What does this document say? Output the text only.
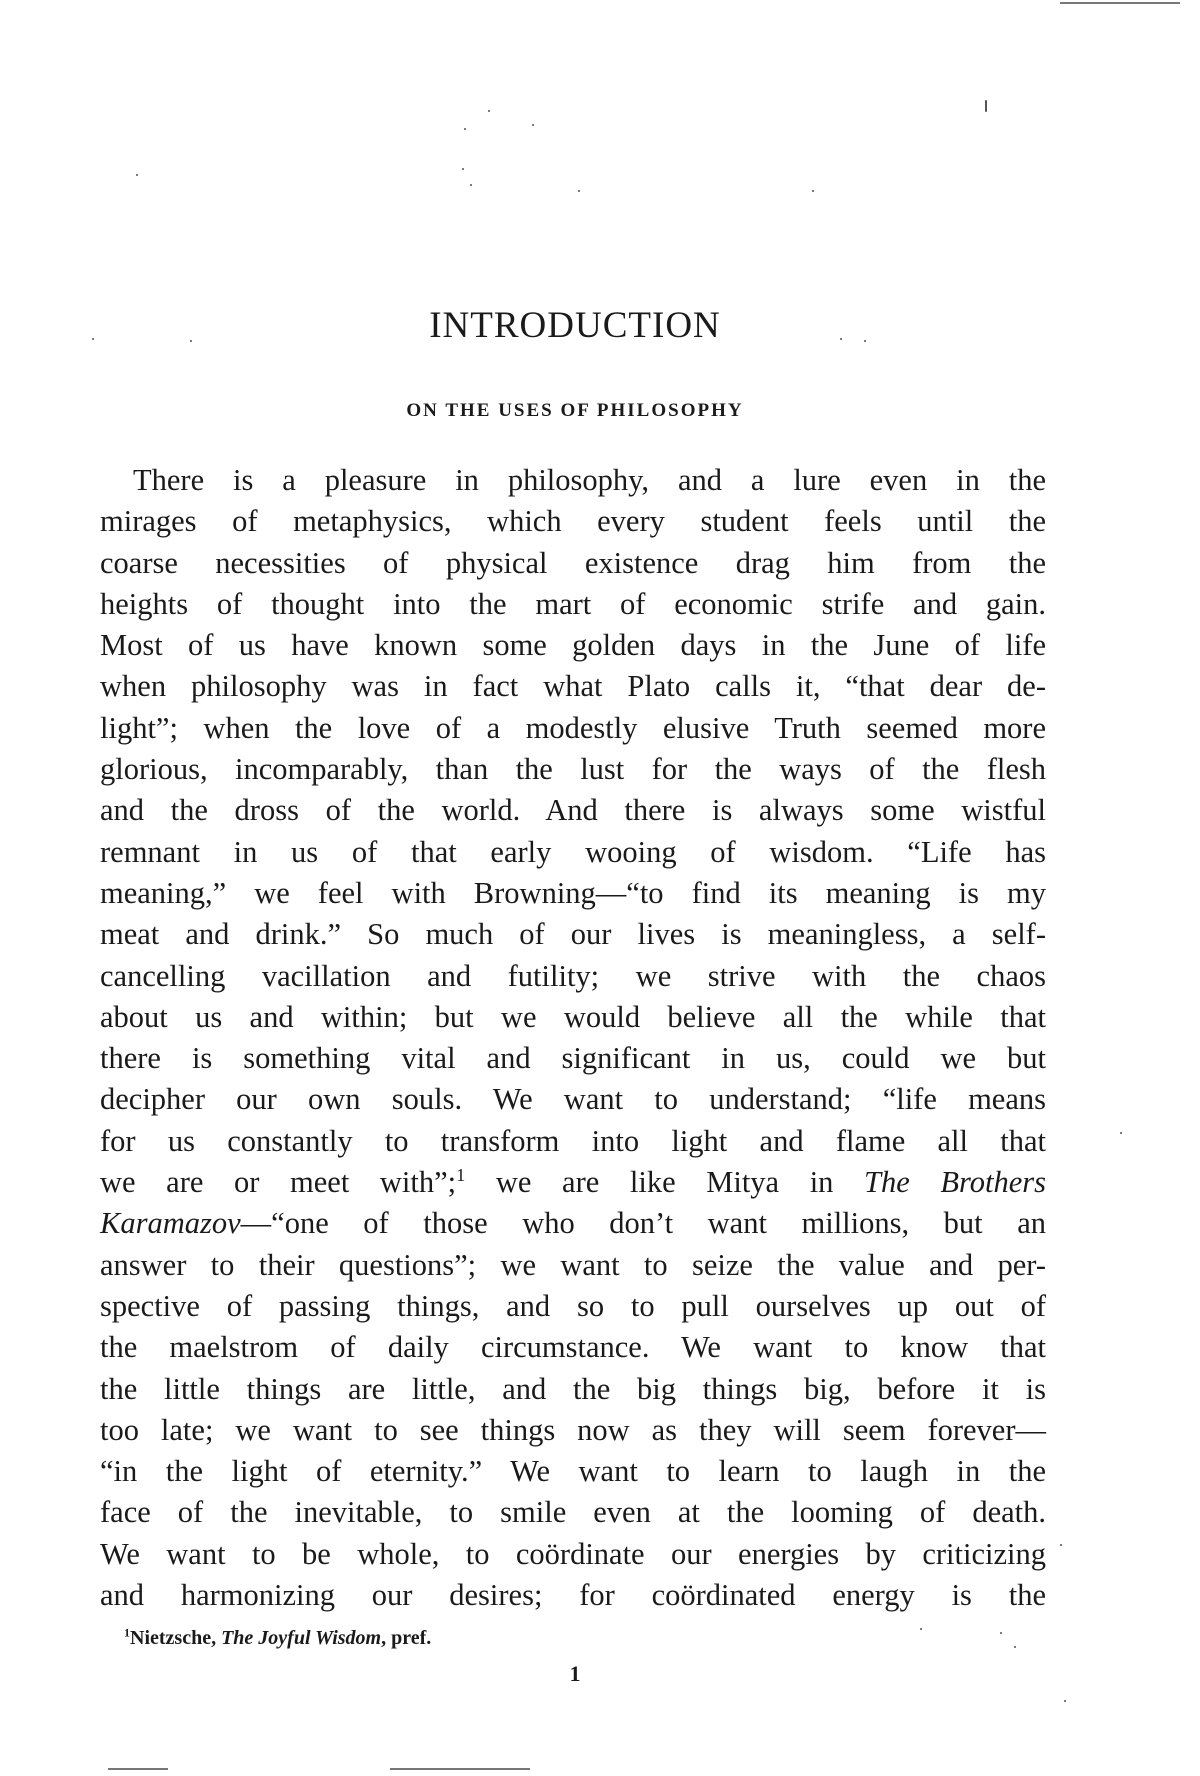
INTRODUCTION
ON THE USES OF PHILOSOPHY
There is a pleasure in philosophy, and a lure even in the
mirages of metaphysics, which every student feels until the
coarse necessities of physical existence drag him from the
heights of thought into the mart of economic strife and gain.
Most of us have known some golden days in the June of life
when philosophy was in fact what Plato calls it, “that dear de-
light”; when the love of a modestly elusive Truth seemed more
glorious, incomparably, than the lust for the ways of the flesh
and the dross of the world. And there is always some wistful
remnant in us of that early wooing of wisdom. “Life has
meaning,” we feel with Browning—“to find its meaning is my
meat and drink.” So much of our lives is meaningless, a self-
cancelling vacillation and futility; we strive with the chaos
about us and within; but we would believe all the while that
there is something vital and significant in us, could we but
decipher our own souls. We want to understand; “life means
for us constantly to transform into light and flame all that
we are or meet with”;$^1$ we are like Mitya in The Brothers
Karamazov—“one of those who don’t want millions, but an
answer to their questions”; we want to seize the value and per-
spective of passing things, and so to pull ourselves up out of
the maelstrom of daily circumstance. We want to know that
the little things are little, and the big things big, before it is
too late; we want to see things now as they will seem forever—
“in the light of eternity.” We want to learn to laugh in the
face of the inevitable, to smile even at the looming of death.
We want to be whole, to coördinate our energies by criticizing
and harmonizing our desires; for coördinated energy is the

$^1$Nietzsche, The Joyful Wisdom, pref.

1
